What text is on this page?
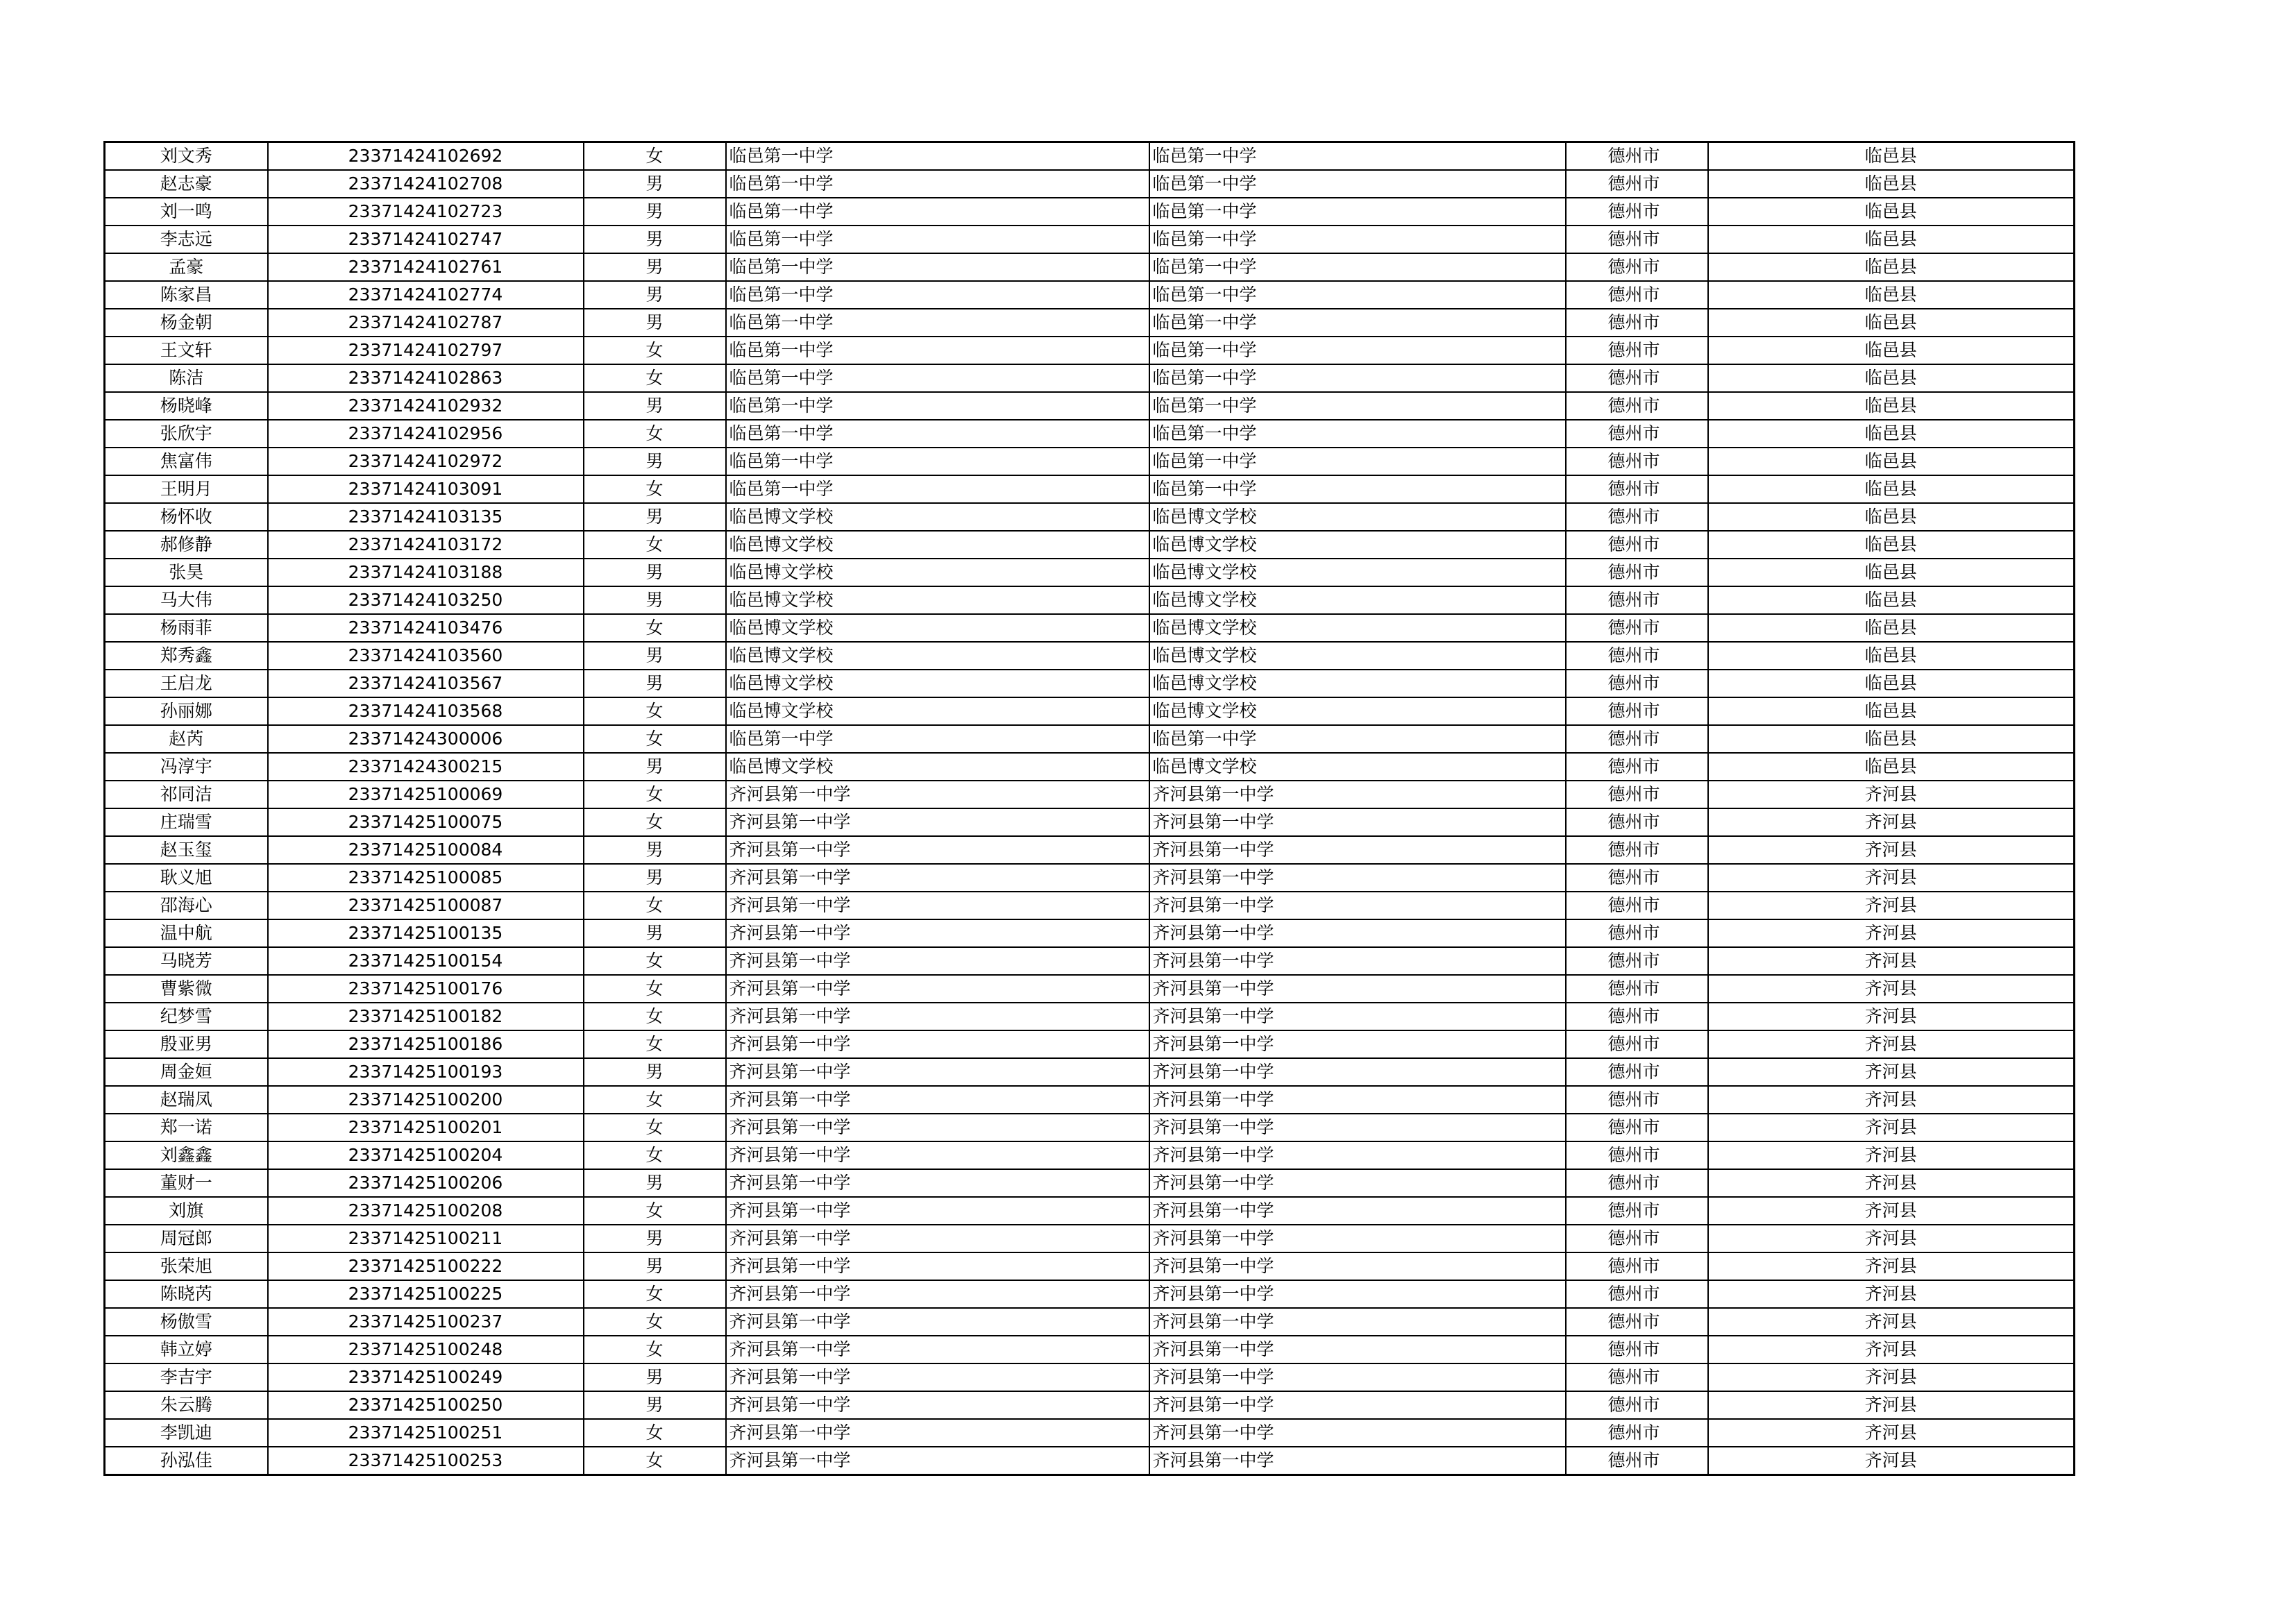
刘文秀	23371424102692	女	临邑第一中学	临邑第一中学	德州市	临邑县
赵志豪	23371424102708	男	临邑第一中学	临邑第一中学	德州市	临邑县
刘一鸣	23371424102723	男	临邑第一中学	临邑第一中学	德州市	临邑县
李志远	23371424102747	男	临邑第一中学	临邑第一中学	德州市	临邑县
孟豪	23371424102761	男	临邑第一中学	临邑第一中学	德州市	临邑县
陈家昌	23371424102774	男	临邑第一中学	临邑第一中学	德州市	临邑县
杨金朝	23371424102787	男	临邑第一中学	临邑第一中学	德州市	临邑县
王文轩	23371424102797	女	临邑第一中学	临邑第一中学	德州市	临邑县
陈洁	23371424102863	女	临邑第一中学	临邑第一中学	德州市	临邑县
杨晓峰	23371424102932	男	临邑第一中学	临邑第一中学	德州市	临邑县
张欣宇	23371424102956	女	临邑第一中学	临邑第一中学	德州市	临邑县
焦富伟	23371424102972	男	临邑第一中学	临邑第一中学	德州市	临邑县
王明月	23371424103091	女	临邑第一中学	临邑第一中学	德州市	临邑县
杨怀收	23371424103135	男	临邑博文学校	临邑博文学校	德州市	临邑县
郝修静	23371424103172	女	临邑博文学校	临邑博文学校	德州市	临邑县
张昊	23371424103188	男	临邑博文学校	临邑博文学校	德州市	临邑县
马大伟	23371424103250	男	临邑博文学校	临邑博文学校	德州市	临邑县
杨雨菲	23371424103476	女	临邑博文学校	临邑博文学校	德州市	临邑县
郑秀鑫	23371424103560	男	临邑博文学校	临邑博文学校	德州市	临邑县
王启龙	23371424103567	男	临邑博文学校	临邑博文学校	德州市	临邑县
孙丽娜	23371424103568	女	临邑博文学校	临邑博文学校	德州市	临邑县
赵芮	23371424300006	女	临邑第一中学	临邑第一中学	德州市	临邑县
冯淳宇	23371424300215	男	临邑博文学校	临邑博文学校	德州市	临邑县
祁同洁	23371425100069	女	齐河县第一中学	齐河县第一中学	德州市	齐河县
庄瑞雪	23371425100075	女	齐河县第一中学	齐河县第一中学	德州市	齐河县
赵玉玺	23371425100084	男	齐河县第一中学	齐河县第一中学	德州市	齐河县
耿义旭	23371425100085	男	齐河县第一中学	齐河县第一中学	德州市	齐河县
邵海心	23371425100087	女	齐河县第一中学	齐河县第一中学	德州市	齐河县
温中航	23371425100135	男	齐河县第一中学	齐河县第一中学	德州市	齐河县
马晓芳	23371425100154	女	齐河县第一中学	齐河县第一中学	德州市	齐河县
曹紫微	23371425100176	女	齐河县第一中学	齐河县第一中学	德州市	齐河县
纪梦雪	23371425100182	女	齐河县第一中学	齐河县第一中学	德州市	齐河县
殷亚男	23371425100186	女	齐河县第一中学	齐河县第一中学	德州市	齐河县
周金姮	23371425100193	男	齐河县第一中学	齐河县第一中学	德州市	齐河县
赵瑞凤	23371425100200	女	齐河县第一中学	齐河县第一中学	德州市	齐河县
郑一诺	23371425100201	女	齐河县第一中学	齐河县第一中学	德州市	齐河县
刘鑫鑫	23371425100204	女	齐河县第一中学	齐河县第一中学	德州市	齐河县
董财一	23371425100206	男	齐河县第一中学	齐河县第一中学	德州市	齐河县
刘旗	23371425100208	女	齐河县第一中学	齐河县第一中学	德州市	齐河县
周冠郎	23371425100211	男	齐河县第一中学	齐河县第一中学	德州市	齐河县
张荣旭	23371425100222	男	齐河县第一中学	齐河县第一中学	德州市	齐河县
陈晓芮	23371425100225	女	齐河县第一中学	齐河县第一中学	德州市	齐河县
杨傲雪	23371425100237	女	齐河县第一中学	齐河县第一中学	德州市	齐河县
韩立婷	23371425100248	女	齐河县第一中学	齐河县第一中学	德州市	齐河县
李吉宇	23371425100249	男	齐河县第一中学	齐河县第一中学	德州市	齐河县
朱云腾	23371425100250	男	齐河县第一中学	齐河县第一中学	德州市	齐河县
李凯迪	23371425100251	女	齐河县第一中学	齐河县第一中学	德州市	齐河县
孙泓佳	23371425100253	女	齐河县第一中学	齐河县第一中学	德州市	齐河县
